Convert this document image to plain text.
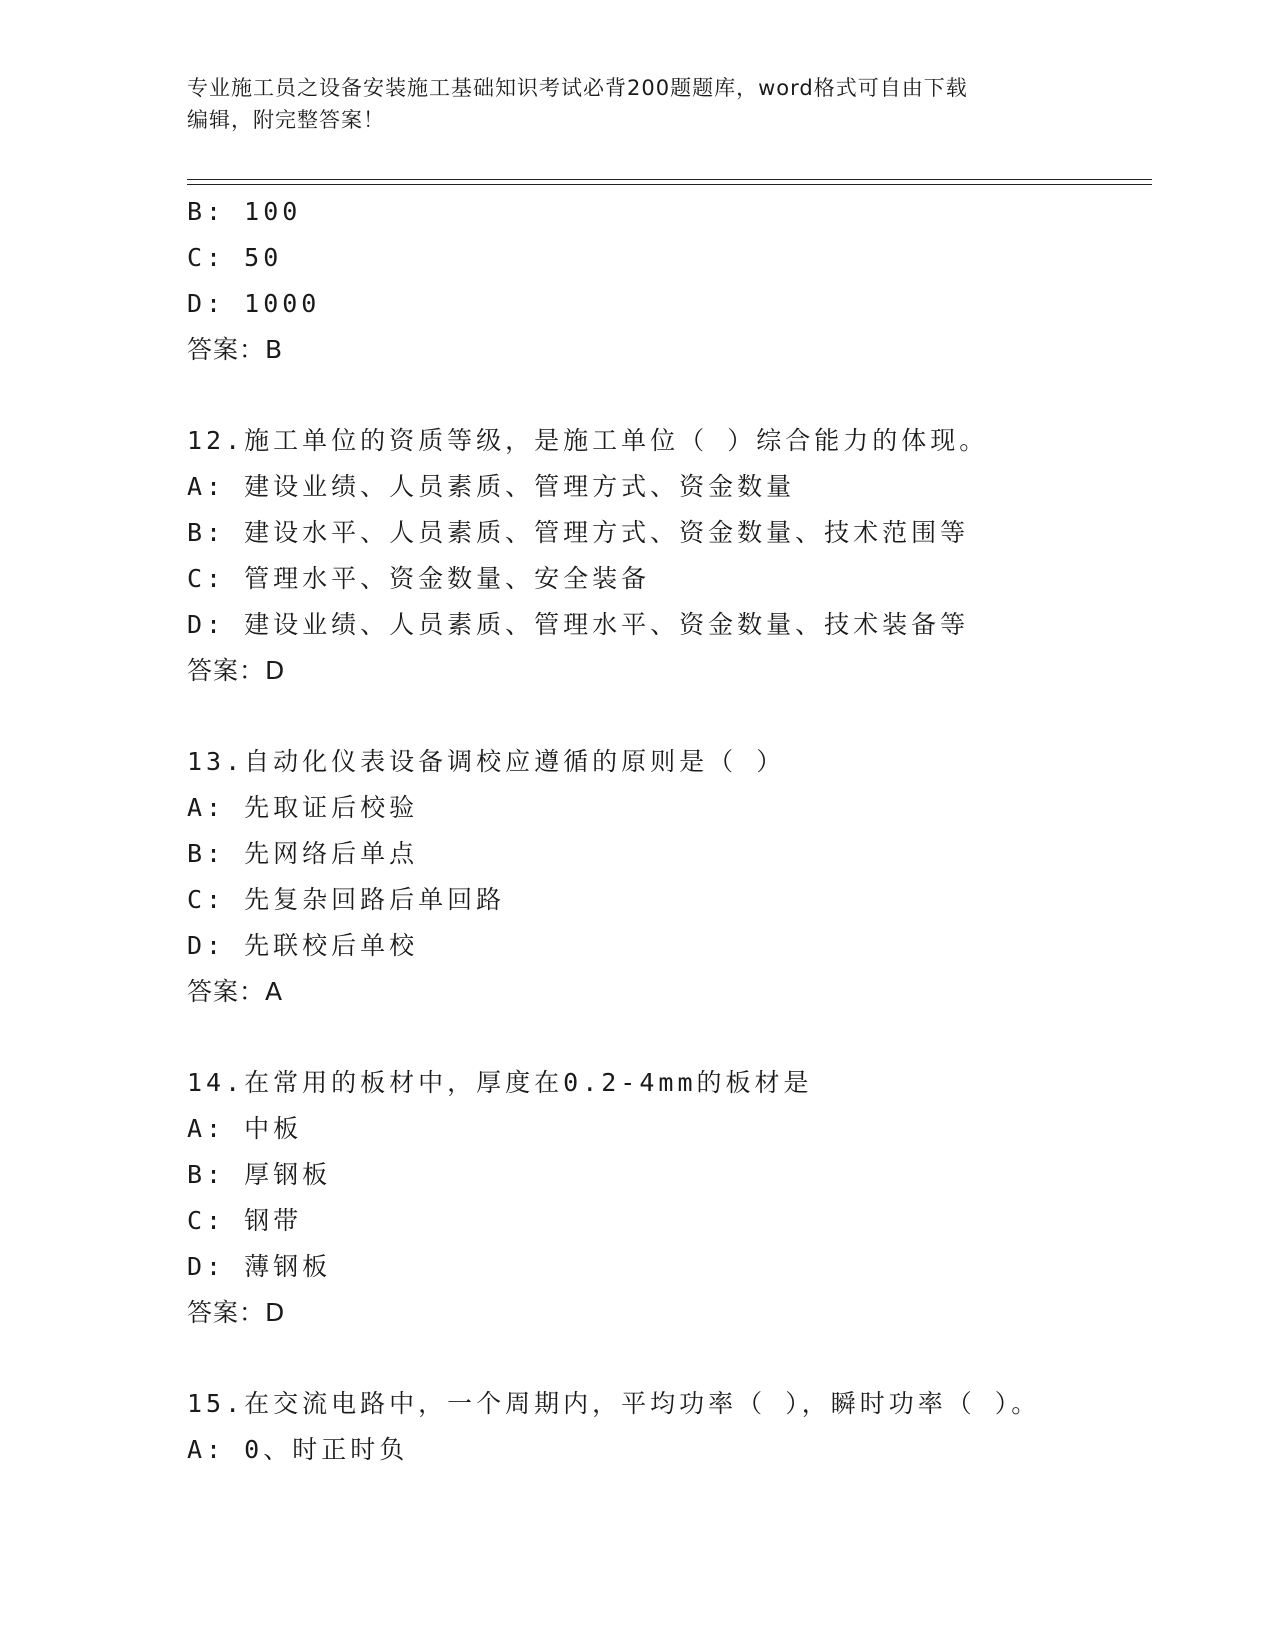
专业施工员之设备安装施工基础知识考试必背200题题库，word格式可自由下载
编辑，附完整答案！
B: 100
C: 50
D: 1000
答案：B
12.施工单位的资质等级，是施工单位（ ）综合能力的体现。
A: 建设业绩、人员素质、管理方式、资金数量
B: 建设水平、人员素质、管理方式、资金数量、技术范围等
C: 管理水平、资金数量、安全装备
D: 建设业绩、人员素质、管理水平、资金数量、技术装备等
答案：D
13.自动化仪表设备调校应遵循的原则是（ ）
A: 先取证后校验
B: 先网络后单点
C: 先复杂回路后单回路
D: 先联校后单校
答案：A
14.在常用的板材中，厚度在0.2-4mm的板材是
A: 中板
B: 厚钢板
C: 钢带
D: 薄钢板
答案：D
15.在交流电路中，一个周期内，平均功率（ ），瞬时功率（ ）。
A: 0、时正时负
